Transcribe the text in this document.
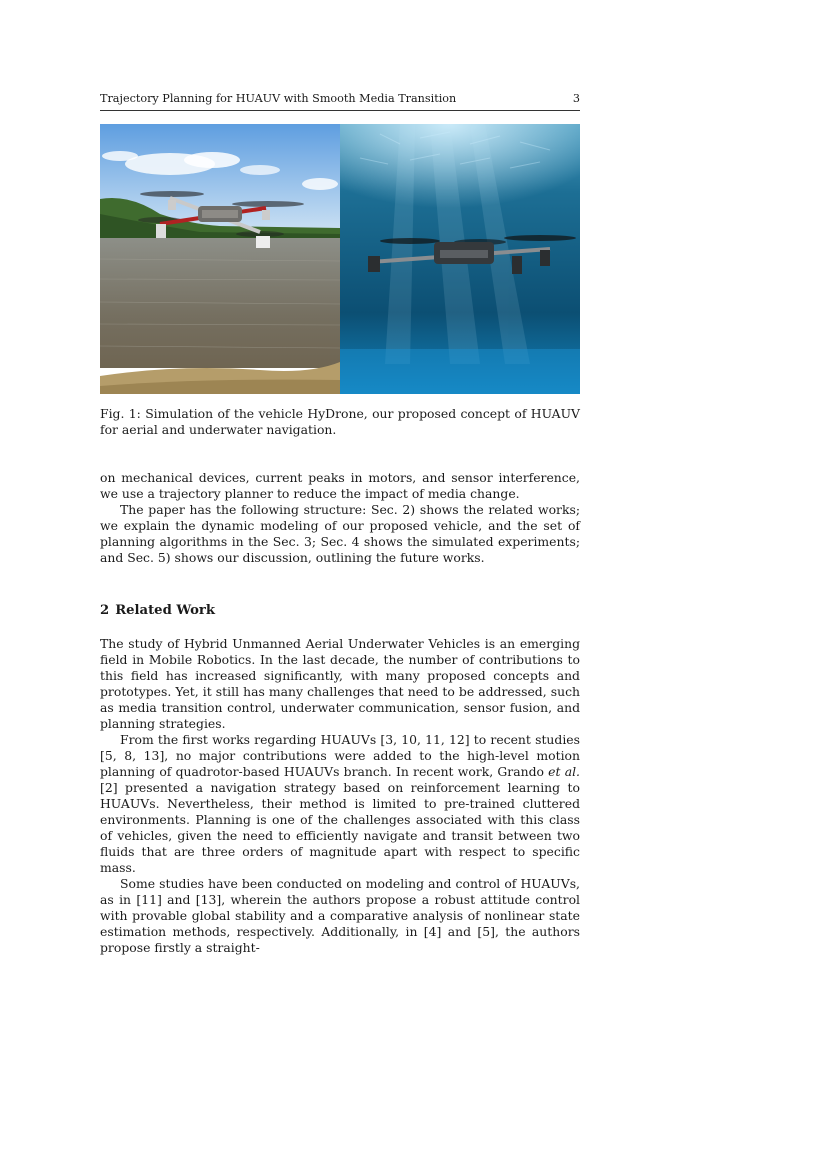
Trajectory Planning for HUAUV with Smooth Media Transition	3
Fig. 1: Simulation of the vehicle HyDrone, our proposed concept of HUAUV for aerial and underwater navigation.

on mechanical devices, current peaks in motors, and sensor interference, we use a trajectory planner to reduce the impact of media change.

The paper has the following structure: Sec. 2) shows the related works; we explain the dynamic modeling of our proposed vehicle, and the set of planning algorithms in the Sec. 3; Sec. 4 shows the simulated experiments; and Sec. 5) shows our discussion, outlining the future works.

2 Related Work

The study of Hybrid Unmanned Aerial Underwater Vehicles is an emerging field in Mobile Robotics. In the last decade, the number of contributions to this field has increased significantly, with many proposed concepts and prototypes. Yet, it still has many challenges that need to be addressed, such as media transition control, underwater communication, sensor fusion, and planning strategies.

From the first works regarding HUAUVs [3, 10, 11, 12] to recent studies [5, 8, 13], no major contributions were added to the high-level motion planning of quadrotor-based HUAUVs branch. In recent work, Grando et al.[2] presented a navigation strategy based on reinforcement learning to HUAUVs. Nevertheless, their method is limited to pre-trained cluttered environments. Planning is one of the challenges associated with this class of vehicles, given the need to efficiently navigate and transit between two fluids that are three orders of magnitude apart with respect to specific mass.

Some studies have been conducted on modeling and control of HUAUVs, as in [11] and [13], wherein the authors propose a robust attitude control with provable global stability and a comparative analysis of nonlinear state estimation methods, respectively. Additionally, in [4] and [5], the authors propose firstly a straight-
